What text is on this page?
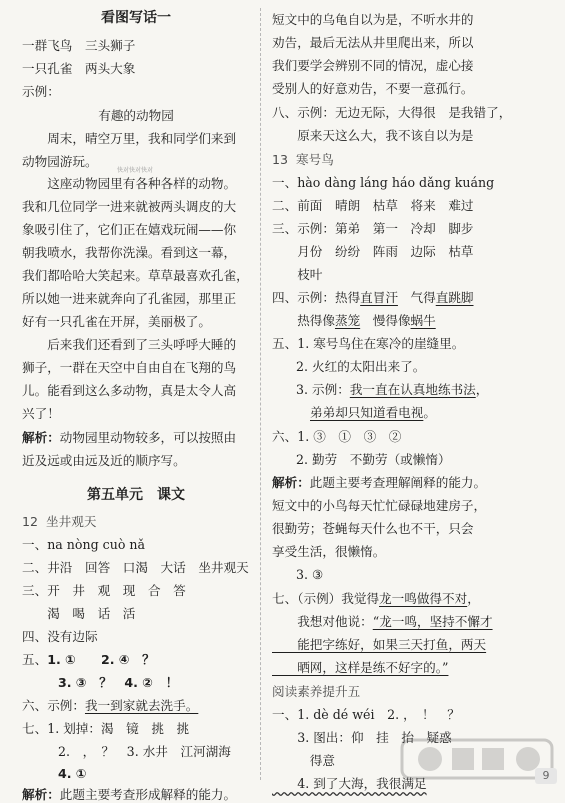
看图写话一
一群飞鸟　三头狮子
一只孔雀　两头大象
示例：
有趣的动物园
　　周末，晴空万里，我和同学们来到
动物园游玩。
快对快对快对
　　这座动物园里有各种各样的动物。
我和几位同学一进来就被两头调皮的大
象吸引住了，它们正在嬉戏玩闹——你
朝我喷水，我帮你洗澡。看到这一幕，
我们都哈哈大笑起来。草草最喜欢孔雀，
所以她一进来就奔向了孔雀园，那里正
好有一只孔雀在开屏，美丽极了。
　　后来我们还看到了三头呼呼大睡的
狮子，一群在天空中自由自在飞翔的鸟
儿。能看到这么多动物，真是太令人高
兴了！
解析：动物园里动物较多，可以按照由
近及远或由远及近的顺序写。
第五单元　课文
12 坐井观天
一、na nòng cuò nǎ
二、井沿　回答　口渴　大话　坐井观天
三、开　井　观　现　合　答
　　渴　喝　话　活
四、没有边际
五、1. ①　　2. ④　？
3. ③　？　4. ②　！
六、示例：我一到家就去洗手。
七、1. 划掉：渴　镜　挑　挑
2.　，　？　3. 水井　江河湖海
4. ①
解析：此题主要考查形成解释的能力。
短文中的乌龟自以为是，不听水井的
劝告，最后无法从井里爬出来，所以
我们要学会辨别不同的情况，虚心接
受别人的好意劝告，不要一意孤行。
八、示例：无边无际，大得很　是我错了，
　　原来天这么大，我不该自以为是
13 寒号鸟
一、hào dàng láng háo dǎng kuáng
二、前面　晴朗　枯草　将来　难过
三、示例：第弟　第一　冷却　脚步
　　月份　纷纷　阵雨　边际　枯草
　　枝叶
四、示例：热得直冒汗　气得直跳脚
　　热得像蒸笼　慢得像蜗牛
五、1. 寒号鸟住在寒冷的崖缝里。
2. 火红的太阳出来了。
3. 示例：我一直在认真地练书法，
弟弟却只知道看电视。
六、1. ③　①　③　②
2. 勤劳　不勤劳（或懒惰）
解析：此题主要考查理解阐释的能力。
短文中的小鸟每天忙忙碌碌地建房子，
很勤劳；苍蝇每天什么也不干，只会
享受生活，很懒惰。
3. ③
七、（示例）我觉得龙一鸣做得不对，
　　我想对他说：“龙一鸣，坚持不懈才
　　能把字练好，如果三天打鱼，两天
　　晒网，这样是练不好字的。”
阅读素养提升五
一、1. dè dé wéi　2. ，　！　？
　　3. 图出：仰　挂　抬　疑惑
　　　得意
　　4. 到了大海，我很满足
9
